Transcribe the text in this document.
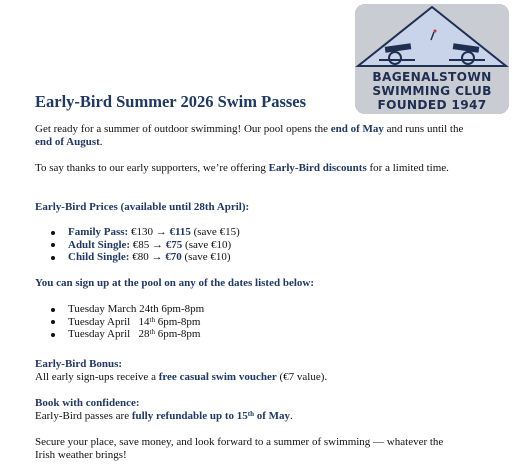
BAGENALSTOWN
SWIMMING CLUB
FOUNDED 1947
Early-Bird Summer 2026 Swim Passes

Get ready for a summer of outdoor swimming! Our pool opens the end of May and runs until the end of August.

To say thanks to our early supporters, we’re offering Early-Bird discounts for a limited time.

Early-Bird Prices (available until 28th April):

Family Pass: €130 → €115 (save €15)
Adult Single: €85 → €75 (save €10)
Child Single: €80 → €70 (save €10)

You can sign up at the pool on any of the dates listed below:

Tuesday March 24th 6pm-8pm
Tuesday April   14th 6pm-8pm
Tuesday April   28th 6pm-8pm

Early-Bird Bonus:

All early sign-ups receive a free casual swim voucher (€7 value).

Book with confidence:

Early-Bird passes are fully refundable up to 15th of May.

Secure your place, save money, and look forward to a summer of swimming — whatever the Irish weather brings!
